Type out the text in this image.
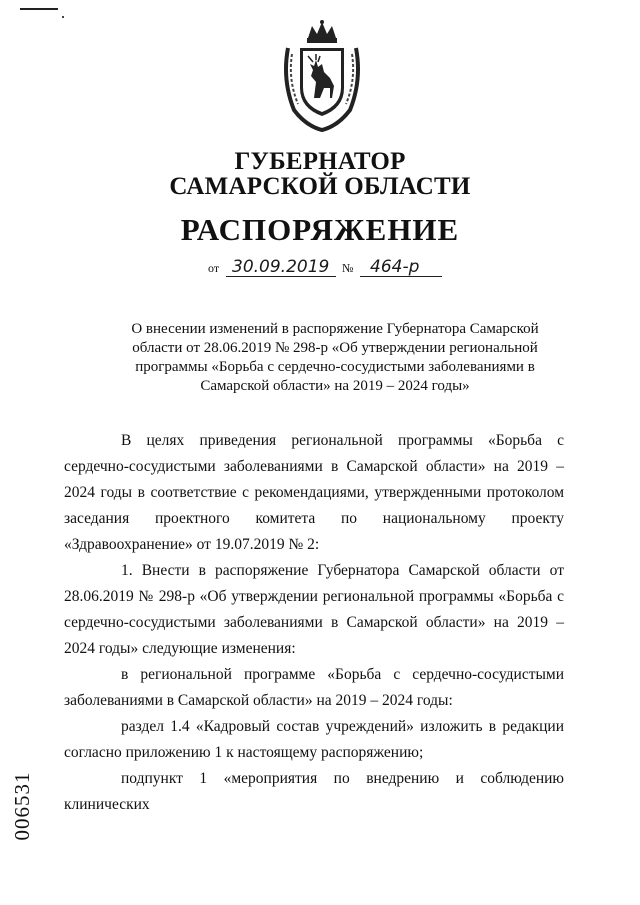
ГУБЕРНАТОР
САМАРСКОЙ ОБЛАСТИ
РАСПОРЯЖЕНИЕ
от 30.09.2019 № 464-р

О внесении изменений в распоряжение Губернатора Самарской области от 28.06.2019 № 298-р «Об утверждении региональной программы «Борьба с сердечно-сосудистыми заболеваниями в Самарской области» на 2019 – 2024 годы»

В целях приведения региональной программы «Борьба с сердечно-сосудистыми заболеваниями в Самарской области» на 2019 – 2024 годы в соответствие с рекомендациями, утвержденными протоколом заседания проектного комитета по национальному проекту «Здравоохранение» от 19.07.2019 № 2:

1. Внести в распоряжение Губернатора Самарской области от 28.06.2019 № 298-р «Об утверждении региональной программы «Борьба с сердечно-сосудистыми заболеваниями в Самарской области» на 2019 – 2024 годы» следующие изменения:

в региональной программе «Борьба с сердечно-сосудистыми заболеваниями в Самарской области» на 2019 – 2024 годы:

раздел 1.4 «Кадровый состав учреждений» изложить в редакции согласно приложению 1 к настоящему распоряжению;

подпункт 1 «мероприятия по внедрению и соблюдению клинических

006531
